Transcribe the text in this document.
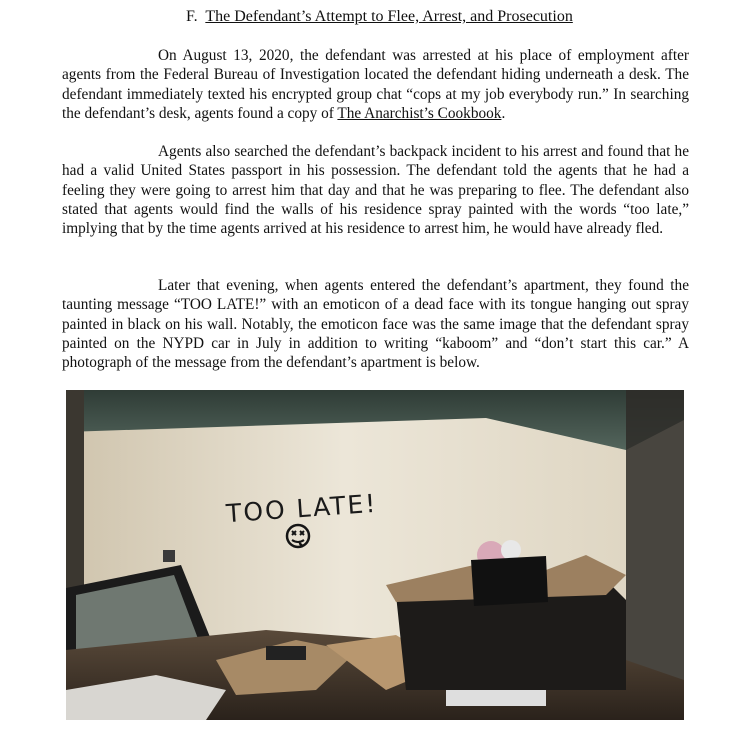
F. The Defendant’s Attempt to Flee, Arrest, and Prosecution

On August 13, 2020, the defendant was arrested at his place of employment after agents from the Federal Bureau of Investigation located the defendant hiding underneath a desk. The defendant immediately texted his encrypted group chat “cops at my job everybody run.” In searching the defendant’s desk, agents found a copy of The Anarchist’s Cookbook.

Agents also searched the defendant’s backpack incident to his arrest and found that he had a valid United States passport in his possession. The defendant told the agents that he had a feeling they were going to arrest him that day and that he was preparing to flee. The defendant also stated that agents would find the walls of his residence spray painted with the words “too late,” implying that by the time agents arrived at his residence to arrest him, he would have already fled.

Later that evening, when agents entered the defendant’s apartment, they found the taunting message “TOO LATE!” with an emoticon of a dead face with its tongue hanging out spray painted in black on his wall. Notably, the emoticon face was the same image that the defendant spray painted on the NYPD car in July in addition to writing “kaboom” and “don’t start this car.” A photograph of the message from the defendant’s apartment is below.

TOO LATE!
